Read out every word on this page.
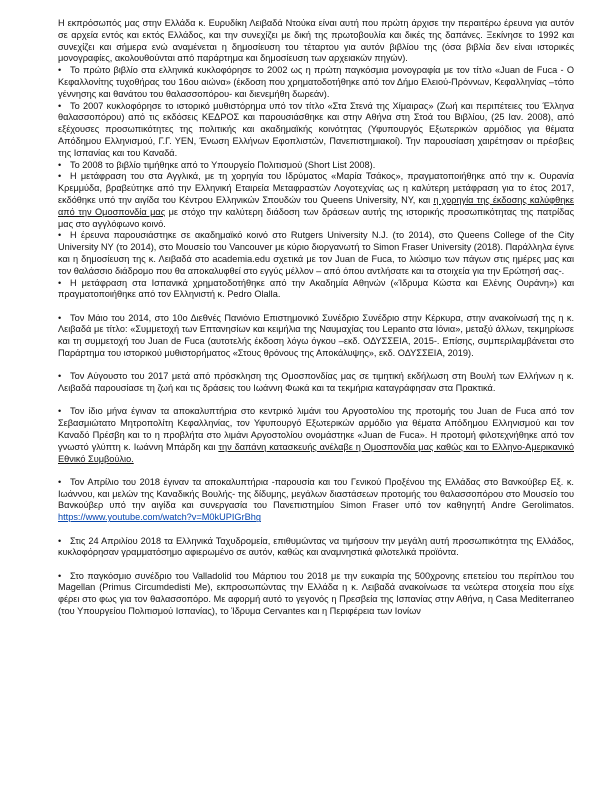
Η εκπρόσωπός μας στην Ελλάδα κ. Ευρυδίκη Λειβαδά Ντούκα είναι αυτή που πρώτη άρχισε την περαιτέρω έρευνα για αυτόν σε αρχεία εντός και εκτός Ελλάδος, και την συνεχίζει με δική της πρωτοβουλία και δικές της δαπάνες. Ξεκίνησε το 1992 και συνεχίζει και σήμερα ενώ αναμένεται η δημοσίευση του τέταρτου για αυτόν βιβλίου της (όσα βιβλία δεν είναι ιστορικές μονογραφίες, ακολουθούνται από παράρτημα και δημοσίευση των αρχειακών πηγών).

• Το πρώτο βιβλίο στα ελληνικά κυκλοφόρησε το 2002 ως η πρώτη παγκόσμια μονογραφία με τον τίτλο «Juan de Fuca - Ο Κεφαλλονίτης τυχοθήρας του 16ου αιώνα» (έκδοση που χρηματοδοτήθηκε από τον Δήμο Ελειού-Πρόννων, Κεφαλληνίας –τόπο γέννησης και θανάτου του θαλασσοπόρου- και διενεμήθη δωρεάν).

• Το 2007 κυκλοφόρησε το ιστορικό μυθιστόρημα υπό τον τίτλο «Στα Στενά της Χίμαιρας» (Ζωή και περιπέτειες του Έλληνα θαλασσοπόρου) από τις εκδόσεις ΚΕΔΡΟΣ και παρουσιάσθηκε και στην Αθήνα στη Στοά του Βιβλίου, (25 Ιαν. 2008), από εξέχουσες προσωπικότητες της πολιτικής και ακαδημαϊκής κοινότητας (Υφυπουργός Εξωτερικών αρμόδιος για θέματα Απόδημου Ελληνισμού, Γ.Γ. ΥΕΝ, Ένωση Ελλήνων Εφοπλιστών, Πανεπιστημιακοί). Την παρουσίαση χαιρέτησαν οι πρέσβεις της Ισπανίας και του Καναδά.

• Το 2008 το βιβλίο τιμήθηκε από το Υπουργείο Πολιτισμού (Short List 2008).

• Η μετάφραση του στα Αγγλικά, με τη χορηγία του Ιδρύματος «Μαρία Τσάκος», πραγματοποιήθηκε από την κ. Ουρανία Κρεμμύδα, βραβεύτηκε από την Ελληνική Εταιρεία Μεταφραστών Λογοτεχνίας ως η καλύτερη μετάφραση για το έτος 2017, εκδόθηκε υπό την αιγίδα του Κέντρου Ελληνικών Σπουδών του Queens University, NY, και η χορηγία της έκδοσης καλύφθηκε από την Ομοσπονδία μας με στόχο την καλύτερη διάδοση των δράσεων αυτής της ιστορικής προσωπικότητας της πατρίδας μας στο αγγλόφωνο κοινό.

• Η έρευνα παρουσιάστηκε σε ακαδημαϊκό κοινό στο Rutgers University N.J. (το 2014), στο Queens College of the City University NY (το 2014), στο Μουσείο του Vancouver με κύριο διοργανωτή το Simon Fraser University (2018). Παράλληλα έγινε και η δημοσίευση της κ. Λειβαδά στο academia.edu σχετικά με τον Juan de Fuca, το λιώσιμο των πάγων στις ημέρες μας και τον θαλάσσιο διάδρομο που θα αποκαλυφθεί στο εγγύς μέλλον – από όπου αντλήσατε και τα στοιχεία για την Ερώτησή σας-.

• Η μετάφραση στα Ισπανικά χρηματοδοτήθηκε από την Ακαδημία Αθηνών («Ίδρυμα Κώστα και Ελένης Ουράνη») και πραγματοποιήθηκε από τον Ελληνιστή κ. Pedro Olalla.

• Τον Μάιο του 2014, στο 10ο Διεθνές Πανιόνιο Επιστημονικό Συνέδριο Συνέδριο στην Κέρκυρα, στην ανακοίνωσή της η κ. Λειβαδά με τίτλο: «Συμμετοχή των Επτανησίων και κειμήλια της Ναυμαχίας του Lepanto στα Ιόνια», μεταξύ άλλων, τεκμηρίωσε και τη συμμετοχή του Juan de Fuca (αυτοτελής έκδοση λόγω όγκου –εκδ. ΟΔΥΣΣΕΙΑ, 2015-. Επίσης, συμπεριλαμβάνεται στο Παράρτημα του ιστορικού μυθιστορήματος «Στους θρόνους της Αποκάλυψης», εκδ. ΟΔΥΣΣΕΙΑ, 2019).

• Τον Αύγουστο του 2017 μετά από πρόσκληση της Ομοσπονδίας μας σε τιμητική εκδήλωση στη Βουλή των Ελλήνων η κ. Λειβαδά παρουσίασε τη ζωή και τις δράσεις του Ιωάννη Φωκά και τα τεκμήρια καταγράφησαν στα Πρακτικά.

• Τον ίδιο μήνα έγιναν τα αποκαλυπτήρια στο κεντρικό λιμάνι του Αργοστολίου της προτομής του Juan de Fuca από τον Σεβασμιώτατο Μητροπολίτη Κεφαλληνίας, τον Υφυπουργό Εξωτερικών αρμόδιο για θέματα Απόδημου Ελληνισμού και τον Καναδό Πρέσβη και το η προβλήτα στο λιμάνι Αργοστολίου ονομάστηκε «Juan de Fuca». Η προτομή φιλοτεχνήθηκε από τον γνωστό γλύπτη κ. Ιωάννη Μπάρδη και την δαπάνη κατασκευής ανέλαβε η Ομοσπονδία μας καθώς και το Ελληνο-Αμερικανικό Εθνικό Συμβούλιο.

• Τον Απρίλιο του 2018 έγιναν τα αποκαλυπτήρια -παρουσία και του Γενικού Προξένου της Ελλάδας στο Βανκούβερ Εξ. κ. Ιωάννου, και μελών της Καναδικής Βουλής- της δίδυμης, μεγάλων διαστάσεων προτομής του θαλασσοπόρου στο Μουσείο του Βανκούβερ υπό την αιγίδα και συνεργασία του Πανεπιστημίου Simon Fraser υπό τον καθηγητή Andre Gerolimatos. https://www.youtube.com/watch?v=M0kUPIGrBhg

• Στις 24 Απριλίου 2018 τα Ελληνικά Ταχυδρομεία, επιθυμώντας να τιμήσουν την μεγάλη αυτή προσωπικότητα της Ελλάδος, κυκλοφόρησαν γραμματόσημο αφιερωμένο σε αυτόν, καθώς και αναμνηστικά φιλοτελικά προϊόντα.

• Στο παγκόσμιο συνέδριο του Valladolid του Μάρτιου του 2018 με την ευκαιρία της 500χρονης επετείου του περίπλου του Magellan (Primus Circumdedisti Me), εκπροσωπώντας την Ελλάδα η κ. Λειβαδά ανακοίνωσε τα νεώτερα στοιχεία που είχε φέρει στο φως για τον θαλασσοπόρο. Με αφορμή αυτό το γεγονός η Πρεσβεία της Ισπανίας στην Αθήνα, η Casa Mediterraneo (του Υπουργείου Πολιτισμού Ισπανίας), το Ίδρυμα Cervantes και η Περιφέρεια των Ιονίων
